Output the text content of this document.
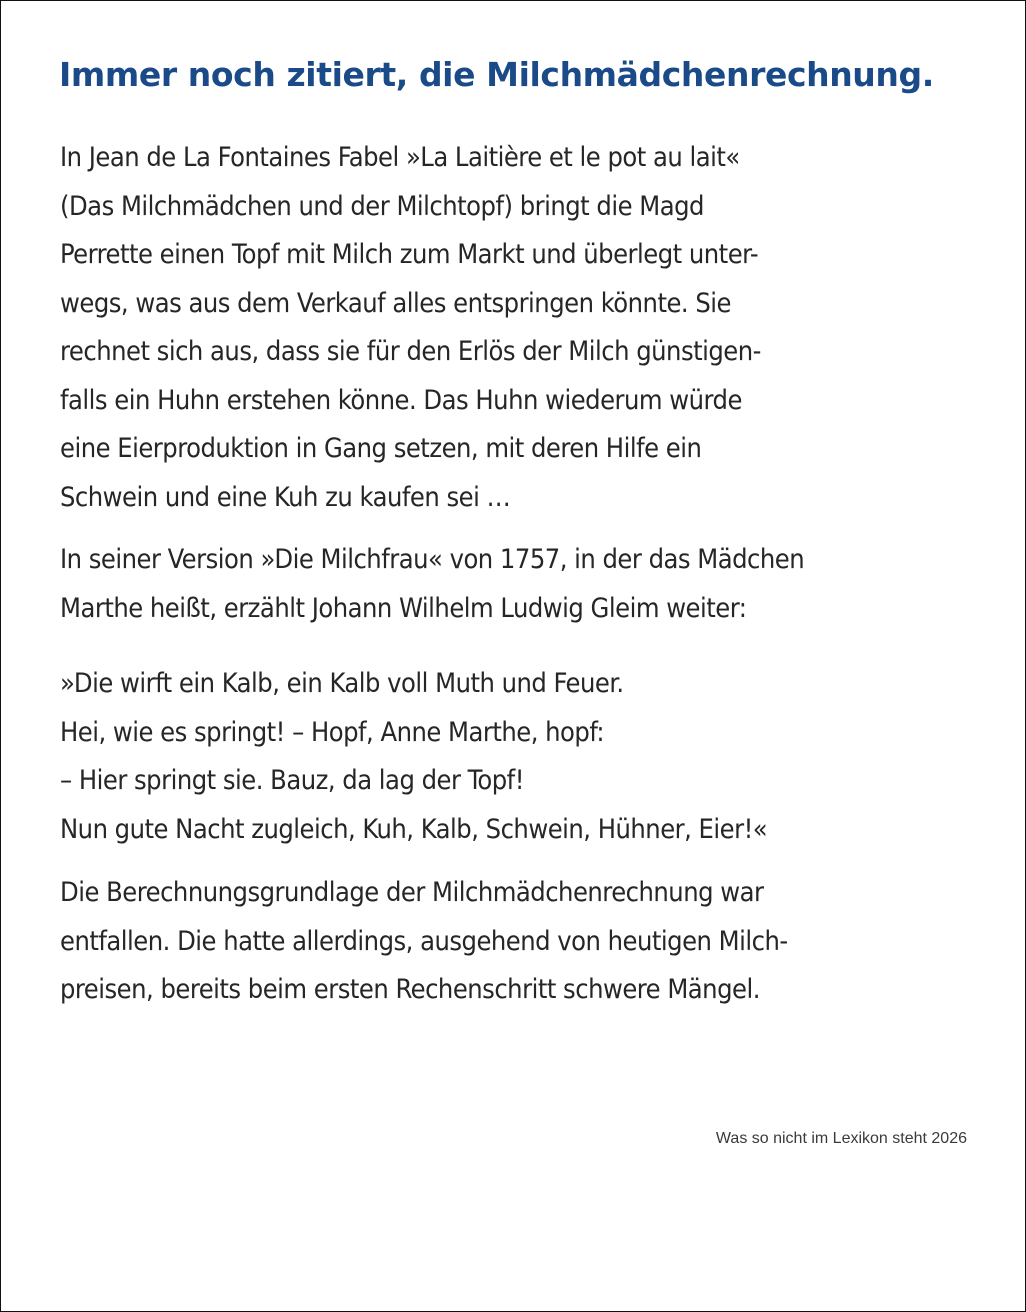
Immer noch zitiert, die Milchmädchenrechnung.

In Jean de La Fontaines Fabel »La Laitière et le pot au lait«
(Das Milchmädchen und der Milchtopf) bringt die Magd
Perrette einen Topf mit Milch zum Markt und überlegt unter-
wegs, was aus dem Verkauf alles entspringen könnte. Sie
rechnet sich aus, dass sie für den Erlös der Milch günstigen-
falls ein Huhn erstehen könne. Das Huhn wiederum würde
eine Eierproduktion in Gang setzen, mit deren Hilfe ein
Schwein und eine Kuh zu kaufen sei …

In seiner Version »Die Milchfrau« von 1757, in der das Mädchen
Marthe heißt, erzählt Johann Wilhelm Ludwig Gleim weiter:

»Die wirft ein Kalb, ein Kalb voll Muth und Feuer.
Hei, wie es springt! – Hopf, Anne Marthe, hopf:
– Hier springt sie. Bauz, da lag der Topf!
Nun gute Nacht zugleich, Kuh, Kalb, Schwein, Hühner, Eier!«

Die Berechnungsgrundlage der Milchmädchenrechnung war
entfallen. Die hatte allerdings, ausgehend von heutigen Milch-
preisen, bereits beim ersten Rechenschritt schwere Mängel.

Was so nicht im Lexikon steht 2026
